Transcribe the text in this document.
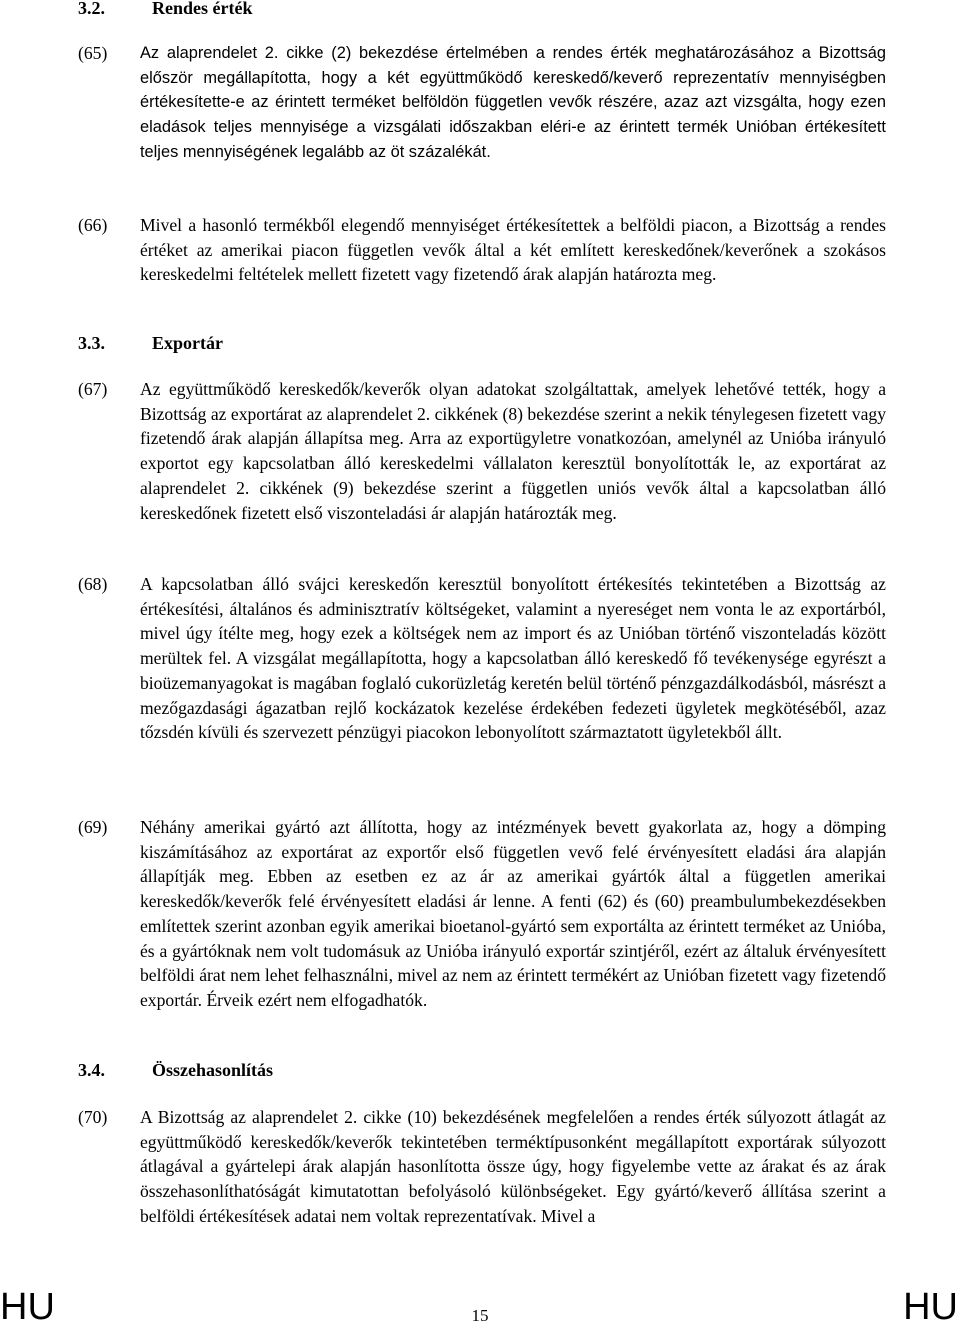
3.2.	Rendes érték
(65) Az alaprendelet 2. cikke (2) bekezdése értelmében a rendes érték meghatározásához a Bizottság először megállapította, hogy a két együttműködő kereskedő/keverő reprezentatív mennyiségben értékesítette-e az érintett terméket belföldön független vevők részére, azaz azt vizsgálta, hogy ezen eladások teljes mennyisége a vizsgálati időszakban eléri-e az érintett termék Unióban értékesített teljes mennyiségének legalább az öt százalékát.
(66) Mivel a hasonló termékből elegendő mennyiséget értékesítettek a belföldi piacon, a Bizottság a rendes értéket az amerikai piacon független vevők által a két említett kereskedőnek/keverőnek a szokásos kereskedelmi feltételek mellett fizetett vagy fizetendő árak alapján határozta meg.
3.3.	Exportár
(67) Az együttműködő kereskedők/keverők olyan adatokat szolgáltattak, amelyek lehetővé tették, hogy a Bizottság az exportárat az alaprendelet 2. cikkének (8) bekezdése szerint a nekik ténylegesen fizetett vagy fizetendő árak alapján állapítsa meg. Arra az exportügyletre vonatkozóan, amelynél az Unióba irányuló exportot egy kapcsolatban álló kereskedelmi vállalaton keresztül bonyolították le, az exportárat az alaprendelet 2. cikkének (9) bekezdése szerint a független uniós vevők által a kapcsolatban álló kereskedőnek fizetett első viszonteladási ár alapján határozták meg.
(68) A kapcsolatban álló svájci kereskedőn keresztül bonyolított értékesítés tekintetében a Bizottság az értékesítési, általános és adminisztratív költségeket, valamint a nyereséget nem vonta le az exportárból, mivel úgy ítélte meg, hogy ezek a költségek nem az import és az Unióban történő viszonteladás között merültek fel. A vizsgálat megállapította, hogy a kapcsolatban álló kereskedő fő tevékenysége egyrészt a bioüzemanyagokat is magában foglaló cukorüzletág keretén belül történő pénzgazdálkodásból, másrészt a mezőgazdasági ágazatban rejlő kockázatok kezelése érdekében fedezeti ügyletek megkötéséből, azaz tőzsdén kívüli és szervezett pénzügyi piacokon lebonyolított származtatott ügyletekből állt.
(69) Néhány amerikai gyártó azt állította, hogy az intézmények bevett gyakorlata az, hogy a dömping kiszámításához az exportárat az exportőr első független vevő felé érvényesített eladási ára alapján állapítják meg. Ebben az esetben ez az ár az amerikai gyártók által a független amerikai kereskedők/keverők felé érvényesített eladási ár lenne. A fenti (62) és (60) preambulumbekezdésekben említettek szerint azonban egyik amerikai bioetanol-gyártó sem exportálta az érintett terméket az Unióba, és a gyártóknak nem volt tudomásuk az Unióba irányuló exportár szintjéről, ezért az általuk érvényesített belföldi árat nem lehet felhasználni, mivel az nem az érintett termékért az Unióban fizetett vagy fizetendő exportár. Érveik ezért nem elfogadhatók.
3.4.	Összehasonlítás
(70) A Bizottság az alaprendelet 2. cikke (10) bekezdésének megfelelően a rendes érték súlyozott átlagát az együttműködő kereskedők/keverők tekintetében terméktípusonként megállapított exportárak súlyozott átlagával a gyártelepi árak alapján hasonlította össze úgy, hogy figyelembe vette az árakat és az árak összehasonlíthatóságát kimutatottan befolyásoló különbségeket. Egy gyártó/keverő állítása szerint a belföldi értékesítések adatai nem voltak reprezentatívak. Mivel a
HU	15	HU
